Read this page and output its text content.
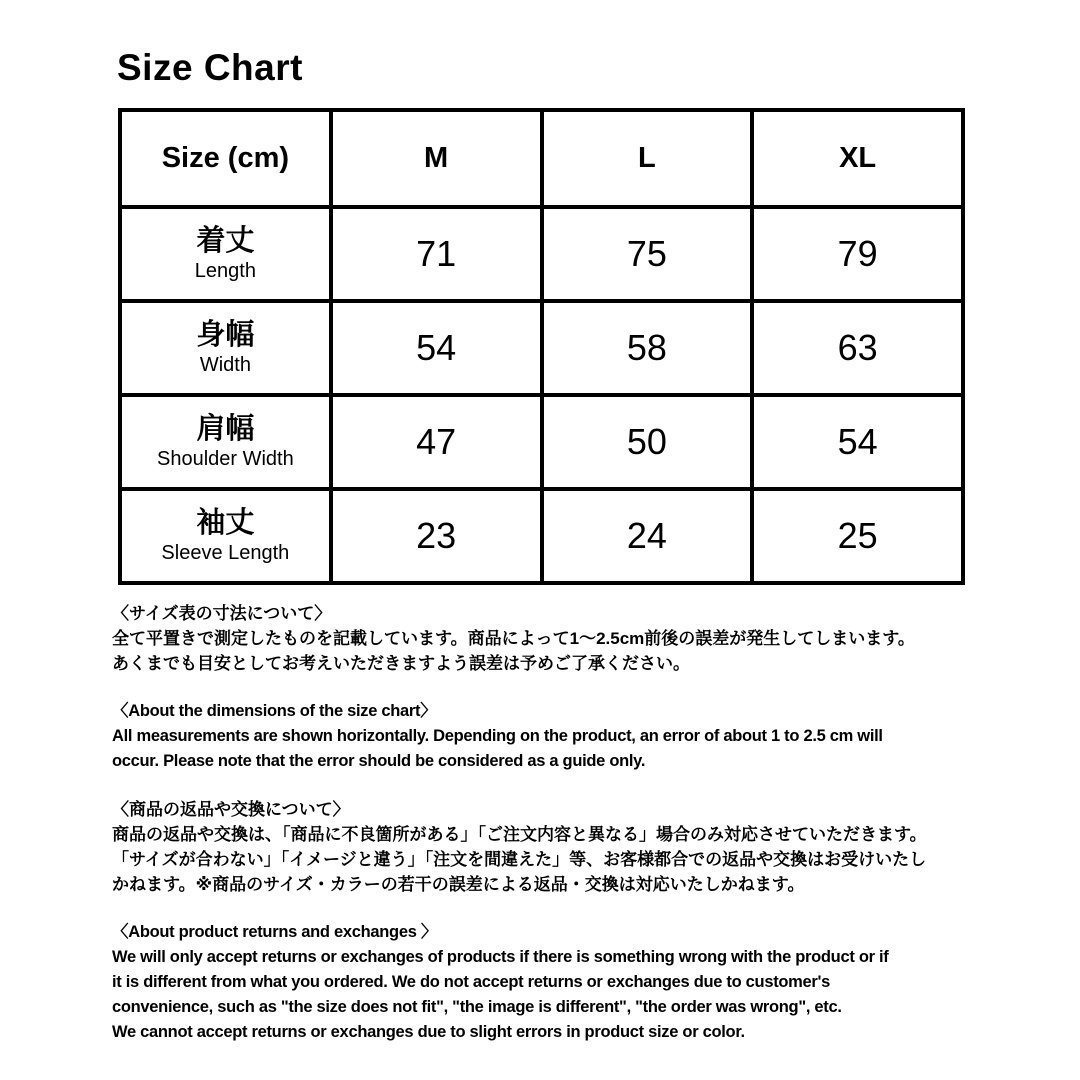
Size Chart
Size (cm)	M	L	XL

着丈
Length	71	75	79

身幅
Width	54	58	63

肩幅
Shoulder Width	47	50	54

袖丈
Sleeve Length	23	24	25
〈サイズ表の寸法について〉
全て平置きで測定したものを記載しています。商品によって1〜2.5cm前後の誤差が発生してしまいます。
あくまでも目安としてお考えいただきますよう誤差は予めご了承ください。
〈About the dimensions of the size chart〉
All measurements are shown horizontally. Depending on the product, an error of about 1 to 2.5 cm will
occur. Please note that the error should be considered as a guide only.
〈商品の返品や交換について〉
商品の返品や交換は、「商品に不良箇所がある」「ご注文内容と異なる」場合のみ対応させていただきます。
「サイズが合わない」「イメージと違う」「注文を間違えた」等、お客様都合での返品や交換はお受けいたし
かねます。※商品のサイズ・カラーの若干の誤差による返品・交換は対応いたしかねます。
〈About product returns and exchanges 〉
We will only accept returns or exchanges of products if there is something wrong with the product or if
it is different from what you ordered. We do not accept returns or exchanges due to customer's
convenience, such as "the size does not fit", "the image is different", "the order was wrong", etc.
We cannot accept returns or exchanges due to slight errors in product size or color.
